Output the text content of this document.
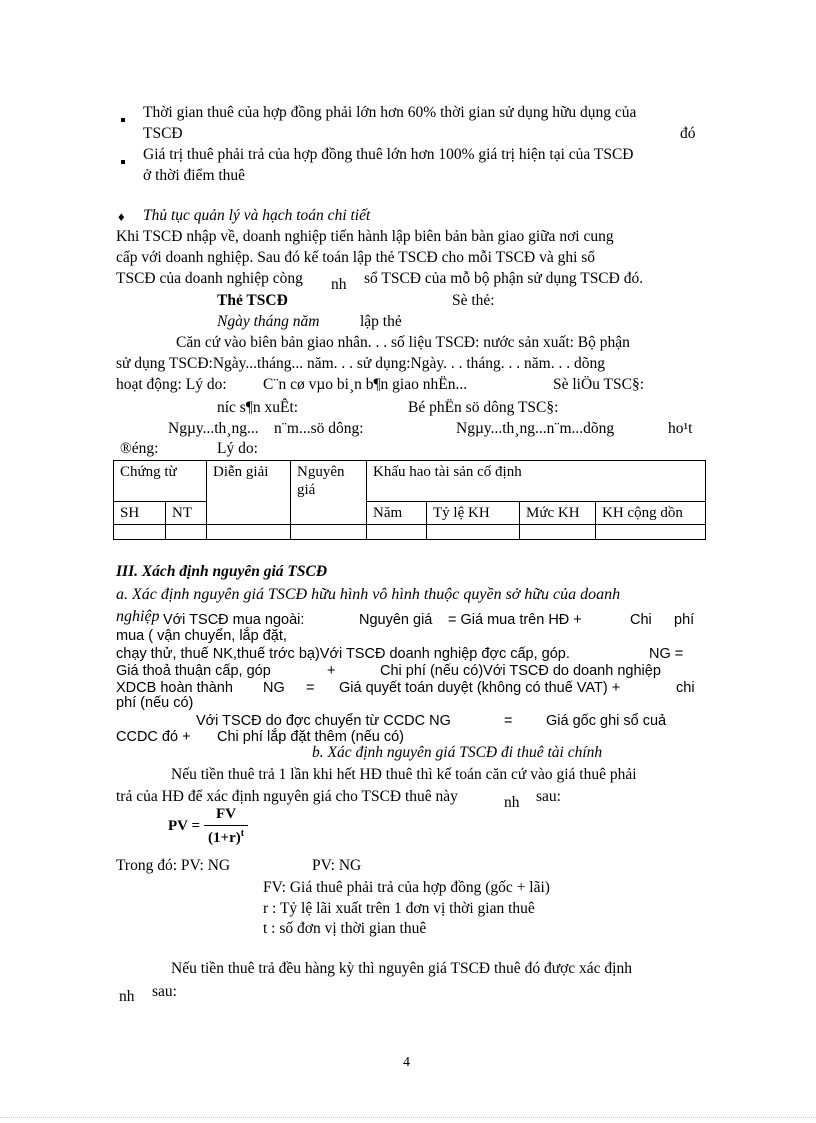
Thời gian thuê của hợp đồng phải lớn hơn 60% thời gian sử dụng hữu dụng của
TSCĐ	đó
Giá trị thuê phải trả của hợp đồng thuê lớn hơn 100% giá trị hiện tại của TSCĐ
ở thời điểm thuê
♦ Thủ tục quản lý và hạch toán chi tiết
Khi TSCĐ nhập về, doanh nghiệp tiến hành lập biên bản bàn giao giữa nơi cung
cấp với doanh nghiệp. Sau đó kế toán lập thẻ TSCĐ cho mỗi TSCĐ và ghi sổ
TSCĐ của doanh nghiệp còng nh sổ TSCĐ của mỗ bộ phận sử dụng TSCĐ đó.
Thẻ TSCĐ	Sè thẻ:
Ngày tháng năm	lập thẻ
Căn cứ vào biên bản giao nhân. . . số liệu TSCĐ: nước sản xuất: Bộ phận
sử dụng TSCĐ:Ngày...tháng... năm. . . sử dụng:Ngày. . . tháng. . . năm. . . dõng
hoạt động: Lý do: C¨n cø vµo bi¸n b¶n giao nhËn...	Sè liÖu TSC§:
níc s¶n xuÊt:	Bé phËn sö dông TSC§:
Ngµy...th¸ng... n¨m...sö dông:	Ngµy...th¸ng...n¨m...dõng	ho¹t
®éng:	Lý do:
Chứng từ		Diễn giải	Nguyên giá	Khấu hao tài sản cố định			
SH	NT			Năm	Tỷ lệ KH	Mức KH	KH cộng dồn

III. Xách định nguyên giá TSCĐ
a. Xác định nguyên giá TSCĐ hữu hình vô hình thuộc quyền sở hữu của doanh
nghiệp Với TSCĐ mua ngoài:	Nguyên giá = Giá mua trên HĐ +	Chi phí
mua ( vận chuyển, lắp đặt,
chạy thử, thuế NK,thuế trớc bạ)Với TSCĐ doanh nghiệp đợc cấp, góp.	NG =
Giá thoả thuận cấp, góp	+	Chi phí (nếu có)Với TSCĐ do doanh nghiệp
XDCB hoàn thành NG = Giá quyết toán duyệt (không có thuế VAT) +	chi
phí (nếu có)
Với TSCĐ do đợc chuyển từ CCDC NG	= Giá gốc ghi sổ cuả
CCDC đó + Chi phí lắp đặt thêm (nếu có)
b. Xác định nguyên giá TSCĐ đi thuê tài chính
Nếu tiền thuê trả 1 lần khi hết HĐ thuê thì kế toán căn cứ vào giá thuê phải
trả của HĐ để xác định nguyên giá cho TSCĐ thuê này	nh sau:
PV = $\frac{FV}{(1+r)^t}$
Trong đó: PV: NG	PV: NG
FV: Giá thuê phải trả của hợp đồng (gốc + lãi)
r : Tỷ lệ lãi xuất trên 1 đơn vị thời gian thuê
t : số đơn vị thời gian thuê
Nếu tiền thuê trả đều hàng kỳ thì nguyên giá TSCĐ thuê đó được xác định
nh sau:
4
